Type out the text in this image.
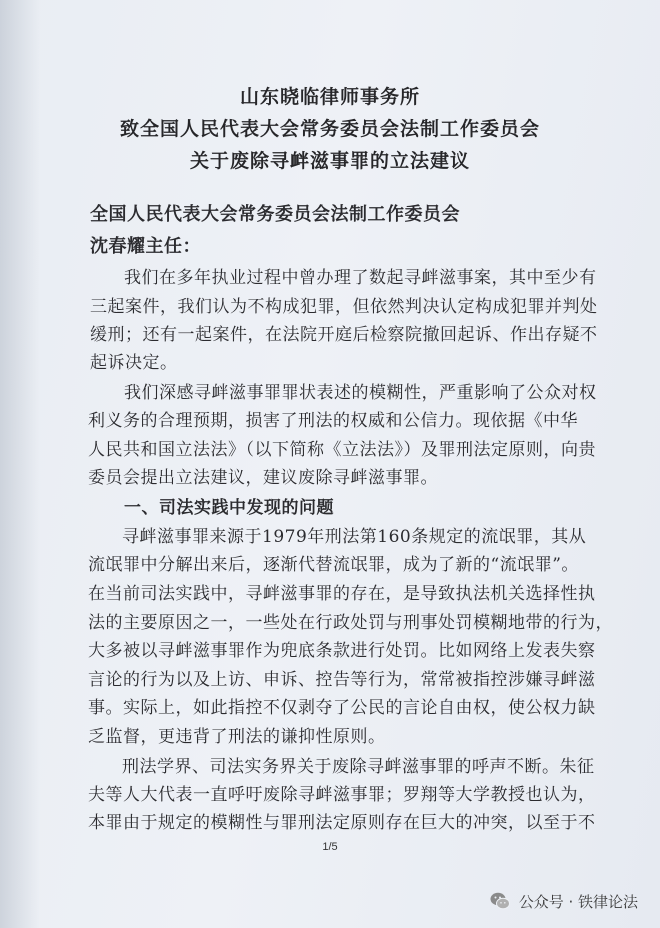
山东晓临律师事务所
致全国人民代表大会常务委员会法制工作委员会
关于废除寻衅滋事罪的立法建议
全国人民代表大会常务委员会法制工作委员会
沈春耀主任：
我们在多年执业过程中曾办理了数起寻衅滋事案，其中至少有
三起案件，我们认为不构成犯罪，但依然判决认定构成犯罪并判处
缓刑；还有一起案件，在法院开庭后检察院撤回起诉、作出存疑不
起诉决定。
我们深感寻衅滋事罪罪状表述的模糊性，严重影响了公众对权
利义务的合理预期，损害了刑法的权威和公信力。现依据《中华
人民共和国立法法》（以下简称《立法法》）及罪刑法定原则，向贵
委员会提出立法建议，建议废除寻衅滋事罪。
一、司法实践中发现的问题
寻衅滋事罪来源于1979年刑法第160条规定的流氓罪，其从
流氓罪中分解出来后，逐渐代替流氓罪，成为了新的“流氓罪”。
在当前司法实践中，寻衅滋事罪的存在，是导致执法机关选择性执
法的主要原因之一，一些处在行政处罚与刑事处罚模糊地带的行为，
大多被以寻衅滋事罪作为兜底条款进行处罚。比如网络上发表失察
言论的行为以及上访、申诉、控告等行为，常常被指控涉嫌寻衅滋
事。实际上，如此指控不仅剥夺了公民的言论自由权，使公权力缺
乏监督，更违背了刑法的谦抑性原则。
刑法学界、司法实务界关于废除寻衅滋事罪的呼声不断。朱征
夫等人大代表一直呼吁废除寻衅滋事罪；罗翔等大学教授也认为，
本罪由于规定的模糊性与罪刑法定原则存在巨大的冲突，以至于不
1/5
公众号 · 铁律论法
